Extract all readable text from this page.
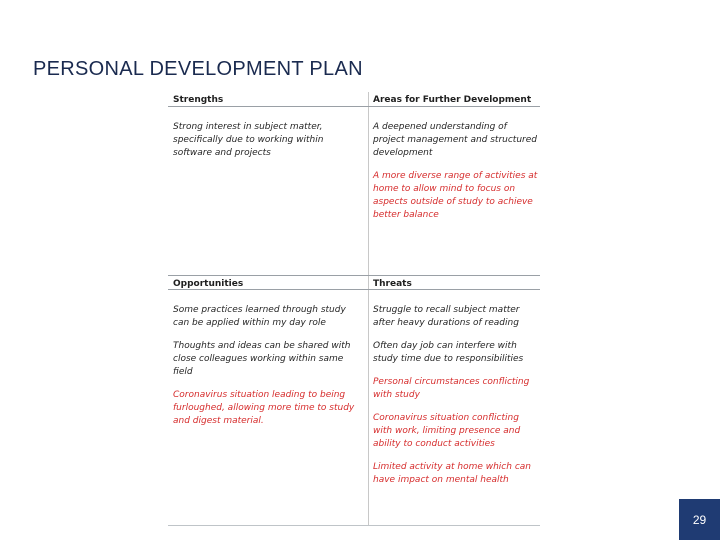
PERSONAL DEVELOPMENT PLAN
Strengths	Areas for Further Development

Strong interest in subject matter, specifically due to working within software and projects

A deepened understanding of project management and structured development

A more diverse range of activities at home to allow mind to focus on aspects outside of study to achieve better balance

Opportunities	Threats

Some practices learned through study can be applied within my day role

Thoughts and ideas can be shared with close colleagues working within same field

Coronavirus situation leading to being furloughed, allowing more time to study and digest material.

Struggle to recall subject matter after heavy durations of reading

Often day job can interfere with study time due to responsibilities

Personal circumstances conflicting with study

Coronavirus situation conflicting with work, limiting presence and ability to conduct activities

Limited activity at home which can have impact on mental health

29
